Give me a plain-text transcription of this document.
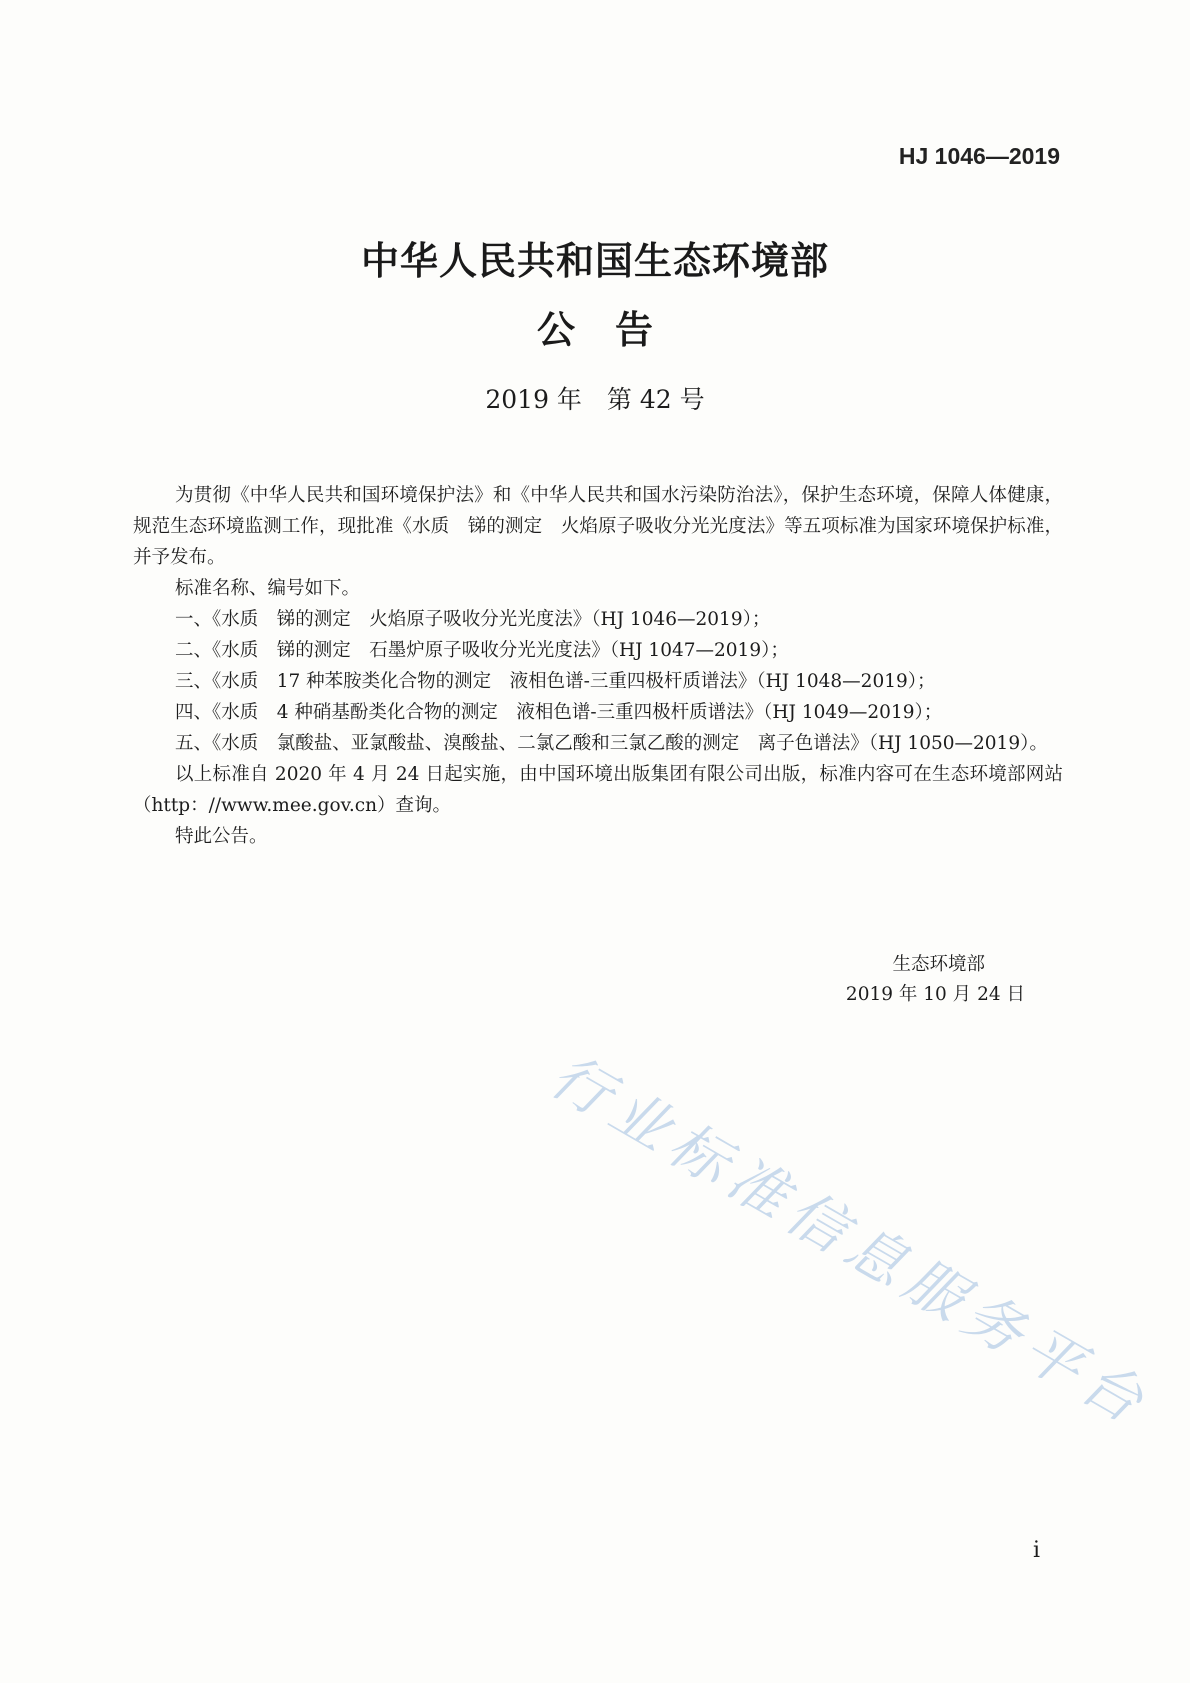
HJ 1046—2019
中华人民共和国生态环境部
公告
2019 年　第 42 号

为贯彻《中华人民共和国环境保护法》和《中华人民共和国水污染防治法》，保护生态环境，保障人体健康，规范生态环境监测工作，现批准《水质　锑的测定　火焰原子吸收分光光度法》等五项标准为国家环境保护标准，并予发布。

标准名称、编号如下。

一、《水质　锑的测定　火焰原子吸收分光光度法》（HJ 1046—2019）；

二、《水质　锑的测定　石墨炉原子吸收分光光度法》（HJ 1047—2019）；

三、《水质　17 种苯胺类化合物的测定　液相色谱-三重四极杆质谱法》（HJ 1048—2019）；

四、《水质　4 种硝基酚类化合物的测定　液相色谱-三重四极杆质谱法》（HJ 1049—2019）；

五、《水质　氯酸盐、亚氯酸盐、溴酸盐、二氯乙酸和三氯乙酸的测定　离子色谱法》（HJ 1050—2019）。

以上标准自 2020 年 4 月 24 日起实施，由中国环境出版集团有限公司出版，标准内容可在生态环境部网站（http：//www.mee.gov.cn）查询。

特此公告。

生态环境部
2019 年 10 月 24 日
行业标准信息服务平台
i
